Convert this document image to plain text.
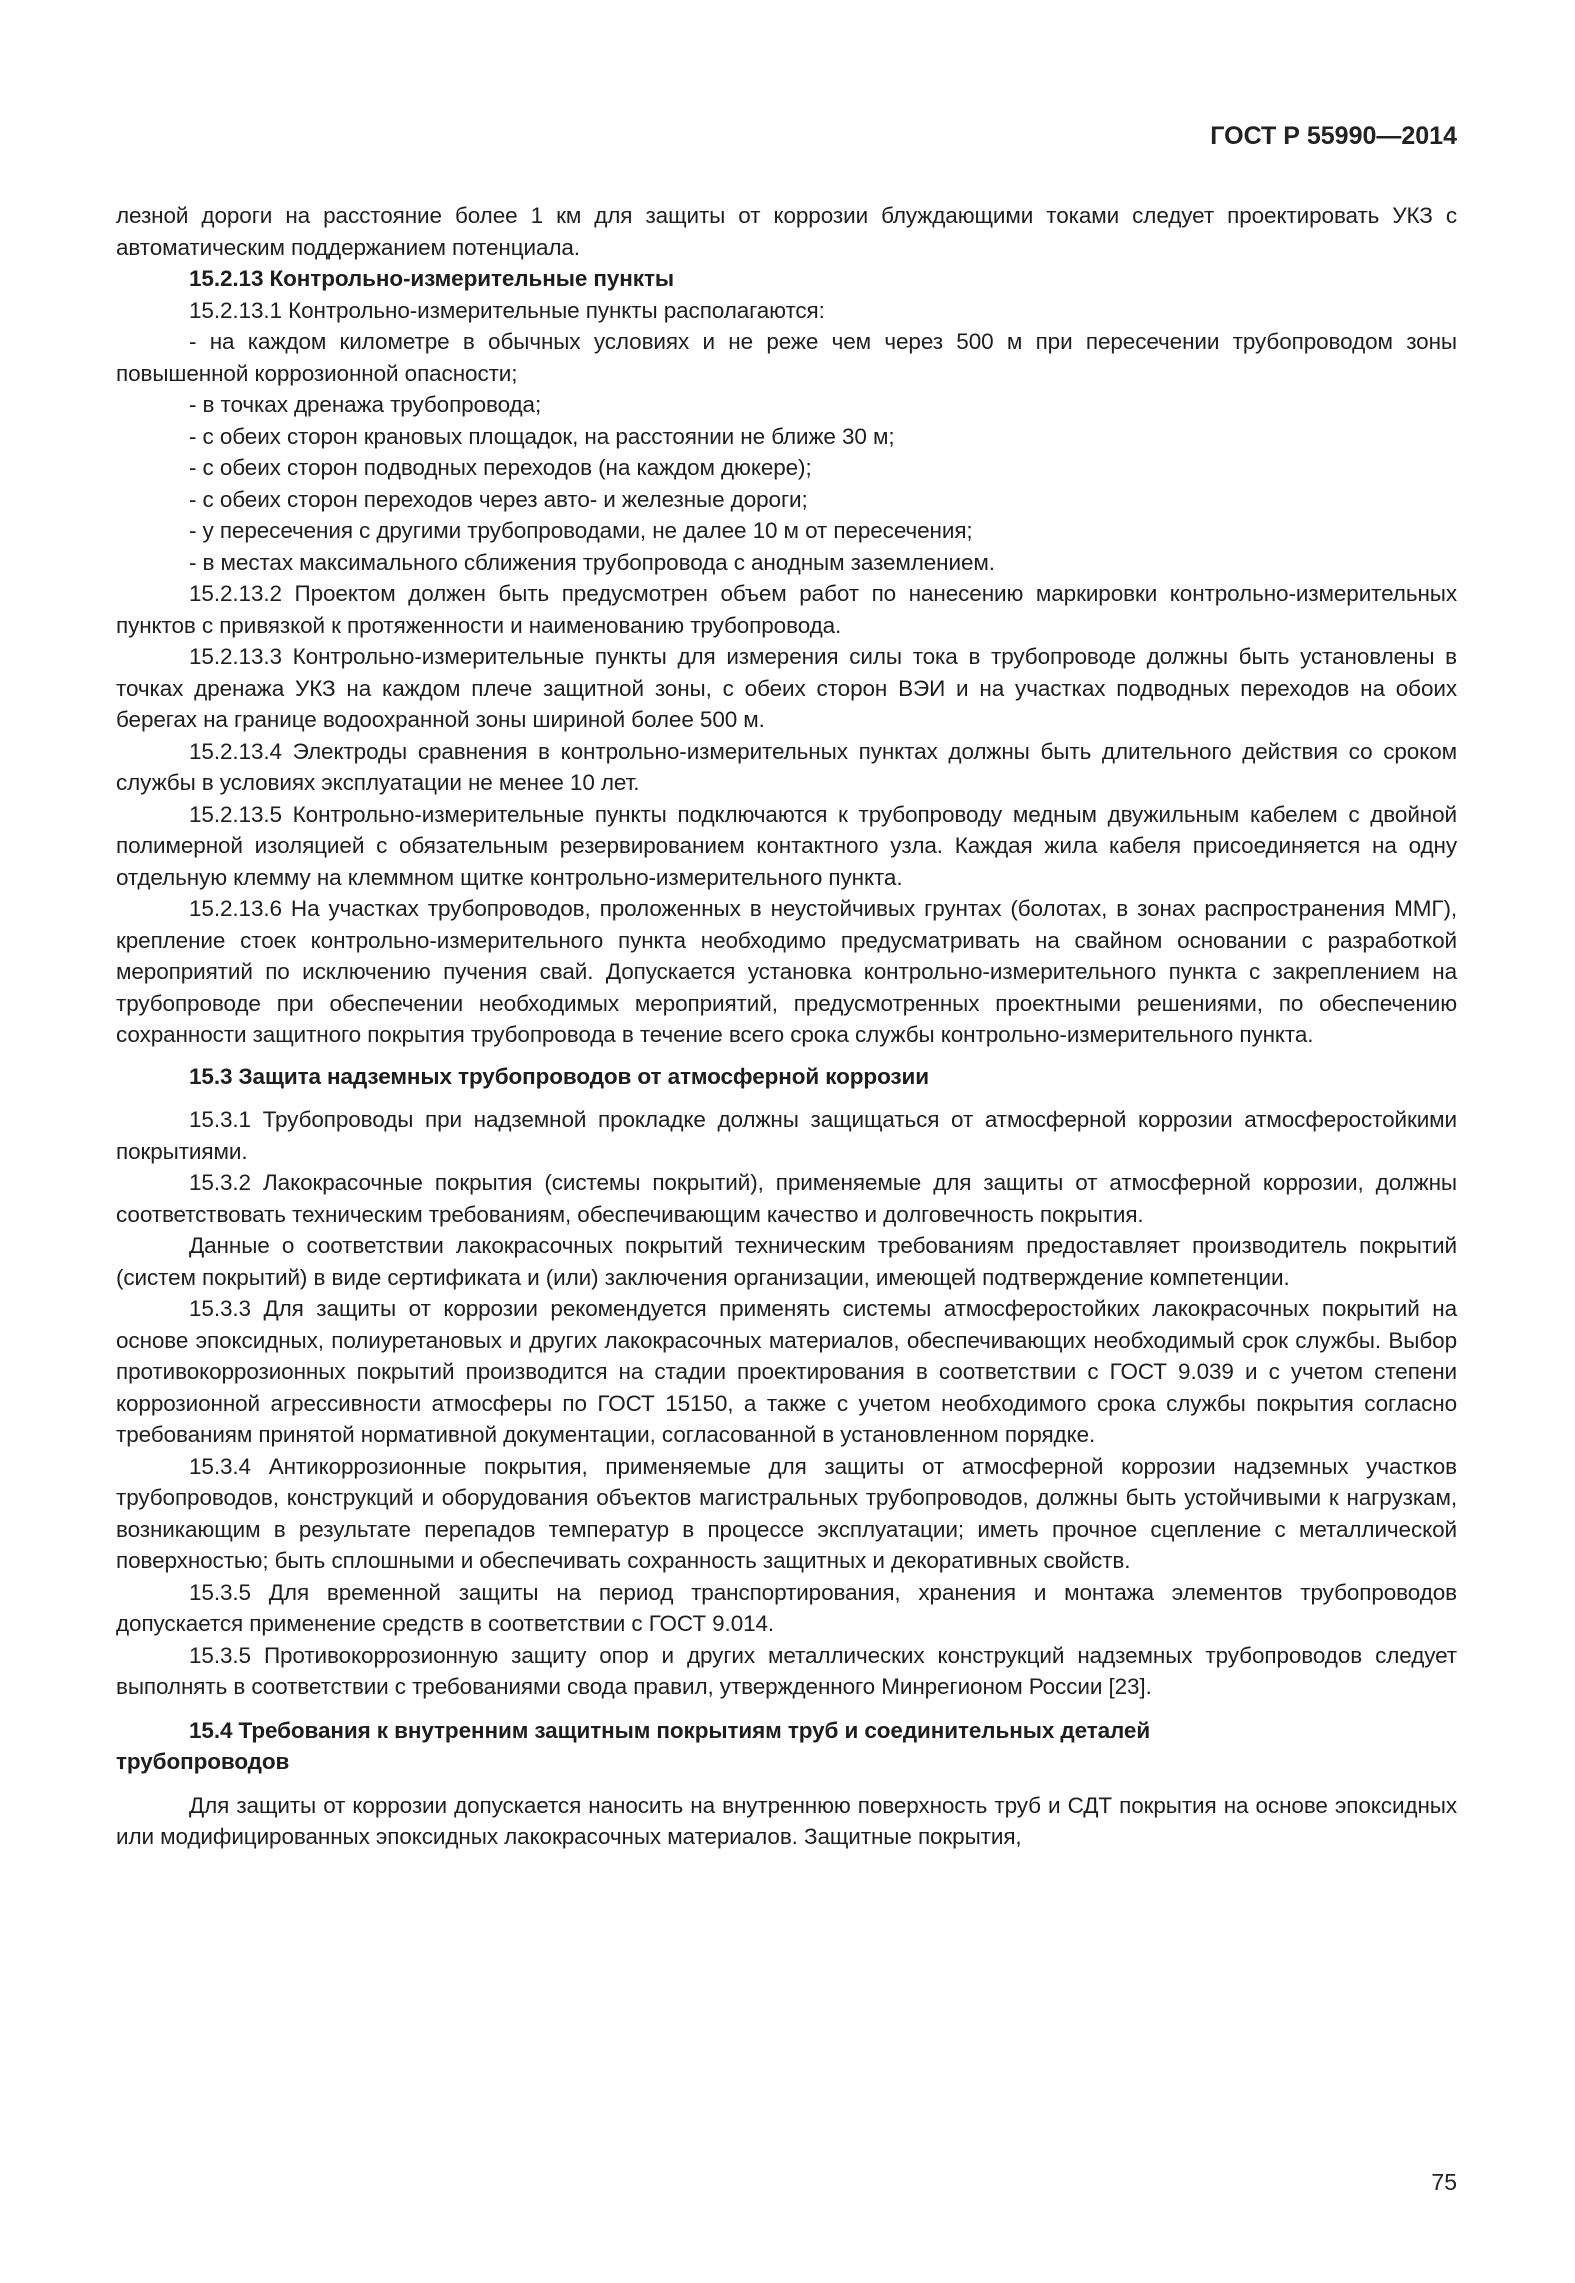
ГОСТ Р 55990—2014

лезной дороги на расстояние более 1 км для защиты от коррозии блуждающими токами следует проектировать УКЗ с автоматическим поддержанием потенциала.

15.2.13 Контрольно-измерительные пункты

15.2.13.1 Контрольно-измерительные пункты располагаются:

- на каждом километре в обычных условиях и не реже чем через 500 м при пересечении трубопроводом зоны повышенной коррозионной опасности;

- в точках дренажа трубопровода;

- с обеих сторон крановых площадок, на расстоянии не ближе 30 м;

- с обеих сторон подводных переходов (на каждом дюкере);

- с обеих сторон переходов через авто- и железные дороги;

- у пересечения с другими трубопроводами, не далее 10 м от пересечения;

- в местах максимального сближения трубопровода с анодным заземлением.

15.2.13.2 Проектом должен быть предусмотрен объем работ по нанесению маркировки контрольно-измерительных пунктов с привязкой к протяженности и наименованию трубопровода.

15.2.13.3 Контрольно-измерительные пункты для измерения силы тока в трубопроводе должны быть установлены в точках дренажа УКЗ на каждом плече защитной зоны, с обеих сторон ВЭИ и на участках подводных переходов на обоих берегах на границе водоохранной зоны шириной более 500 м.

15.2.13.4 Электроды сравнения в контрольно-измерительных пунктах должны быть длительного действия со сроком службы в условиях эксплуатации не менее 10 лет.

15.2.13.5 Контрольно-измерительные пункты подключаются к трубопроводу медным двужильным кабелем с двойной полимерной изоляцией с обязательным резервированием контактного узла. Каждая жила кабеля присоединяется на одну отдельную клемму на клеммном щитке контрольно-измерительного пункта.

15.2.13.6 На участках трубопроводов, проложенных в неустойчивых грунтах (болотах, в зонах распространения ММГ), крепление стоек контрольно-измерительного пункта необходимо предусматривать на свайном основании с разработкой мероприятий по исключению пучения свай. Допускается установка контрольно-измерительного пункта с закреплением на трубопроводе при обеспечении необходимых мероприятий, предусмотренных проектными решениями, по обеспечению сохранности защитного покрытия трубопровода в течение всего срока службы контрольно-измерительного пункта.

15.3 Защита надземных трубопроводов от атмосферной коррозии

15.3.1 Трубопроводы при надземной прокладке должны защищаться от атмосферной коррозии атмосферостойкими покрытиями.

15.3.2 Лакокрасочные покрытия (системы покрытий), применяемые для защиты от атмосферной коррозии, должны соответствовать техническим требованиям, обеспечивающим качество и долговечность покрытия.

Данные о соответствии лакокрасочных покрытий техническим требованиям предоставляет производитель покрытий (систем покрытий) в виде сертификата и (или) заключения организации, имеющей подтверждение компетенции.

15.3.3 Для защиты от коррозии рекомендуется применять системы атмосферостойких лакокрасочных покрытий на основе эпоксидных, полиуретановых и других лакокрасочных материалов, обеспечивающих необходимый срок службы. Выбор противокоррозионных покрытий производится на стадии проектирования в соответствии с ГОСТ 9.039 и с учетом степени коррозионной агрессивности атмосферы по ГОСТ 15150, а также с учетом необходимого срока службы покрытия согласно требованиям принятой нормативной документации, согласованной в установленном порядке.

15.3.4 Антикоррозионные покрытия, применяемые для защиты от атмосферной коррозии надземных участков трубопроводов, конструкций и оборудования объектов магистральных трубопроводов, должны быть устойчивыми к нагрузкам, возникающим в результате перепадов температур в процессе эксплуатации; иметь прочное сцепление с металлической поверхностью; быть сплошными и обеспечивать сохранность защитных и декоративных свойств.

15.3.5 Для временной защиты на период транспортирования, хранения и монтажа элементов трубопроводов допускается применение средств в соответствии с ГОСТ 9.014.

15.3.5 Противокоррозионную защиту опор и других металлических конструкций надземных трубопроводов следует выполнять в соответствии с требованиями свода правил, утвержденного Минрегионом России [23].

15.4 Требования к внутренним защитным покрытиям труб и соединительных деталей
трубопроводов

Для защиты от коррозии допускается наносить на внутреннюю поверхность труб и СДТ покрытия на основе эпоксидных или модифицированных эпоксидных лакокрасочных материалов. Защитные покрытия,

75
